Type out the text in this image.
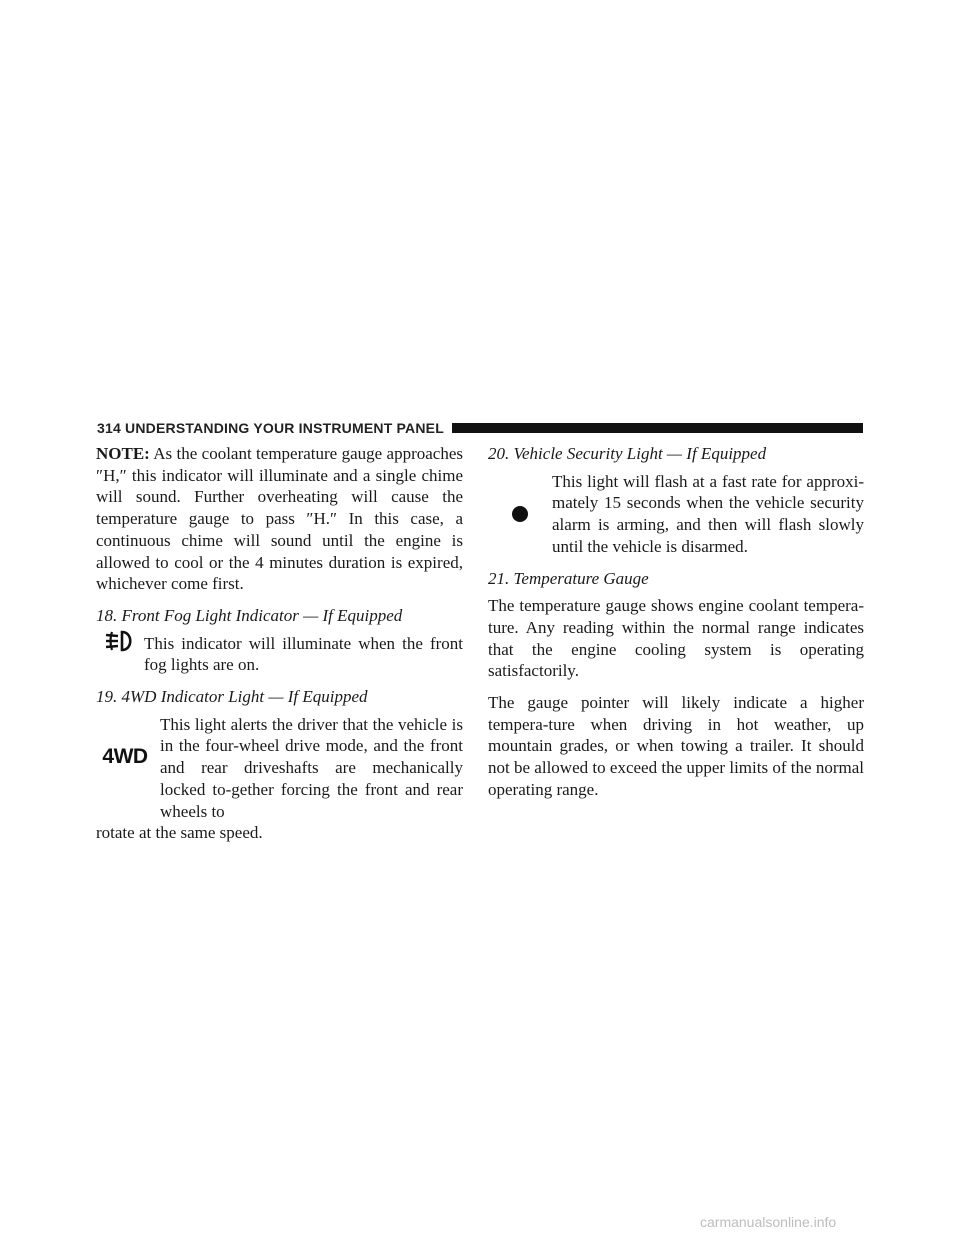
314 UNDERSTANDING YOUR INSTRUMENT PANEL

NOTE: As the coolant temperature gauge approaches ″H,″ this indicator will illuminate and a single chime will sound. Further overheating will cause the temperature gauge to pass ″H.″ In this case, a continuous chime will sound until the engine is allowed to cool or the 4 minutes duration is expired, whichever come first.

18. Front Fog Light Indicator — If Equipped

This indicator will illuminate when the front fog lights are on.

19. 4WD Indicator Light — If Equipped

4WD

This light alerts the driver that the vehicle is in the four-wheel drive mode, and the front and rear driveshafts are mechanically locked to-gether forcing the front and rear wheels to

rotate at the same speed.

20. Vehicle Security Light — If Equipped

This light will flash at a fast rate for approxi-mately 15 seconds when the vehicle security alarm is arming, and then will flash slowly until the vehicle is disarmed.

21. Temperature Gauge

The temperature gauge shows engine coolant tempera-ture. Any reading within the normal range indicates that the engine cooling system is operating satisfactorily.

The gauge pointer will likely indicate a higher tempera-ture when driving in hot weather, up mountain grades, or when towing a trailer. It should not be allowed to exceed the upper limits of the normal operating range.

carmanualsonline.info
